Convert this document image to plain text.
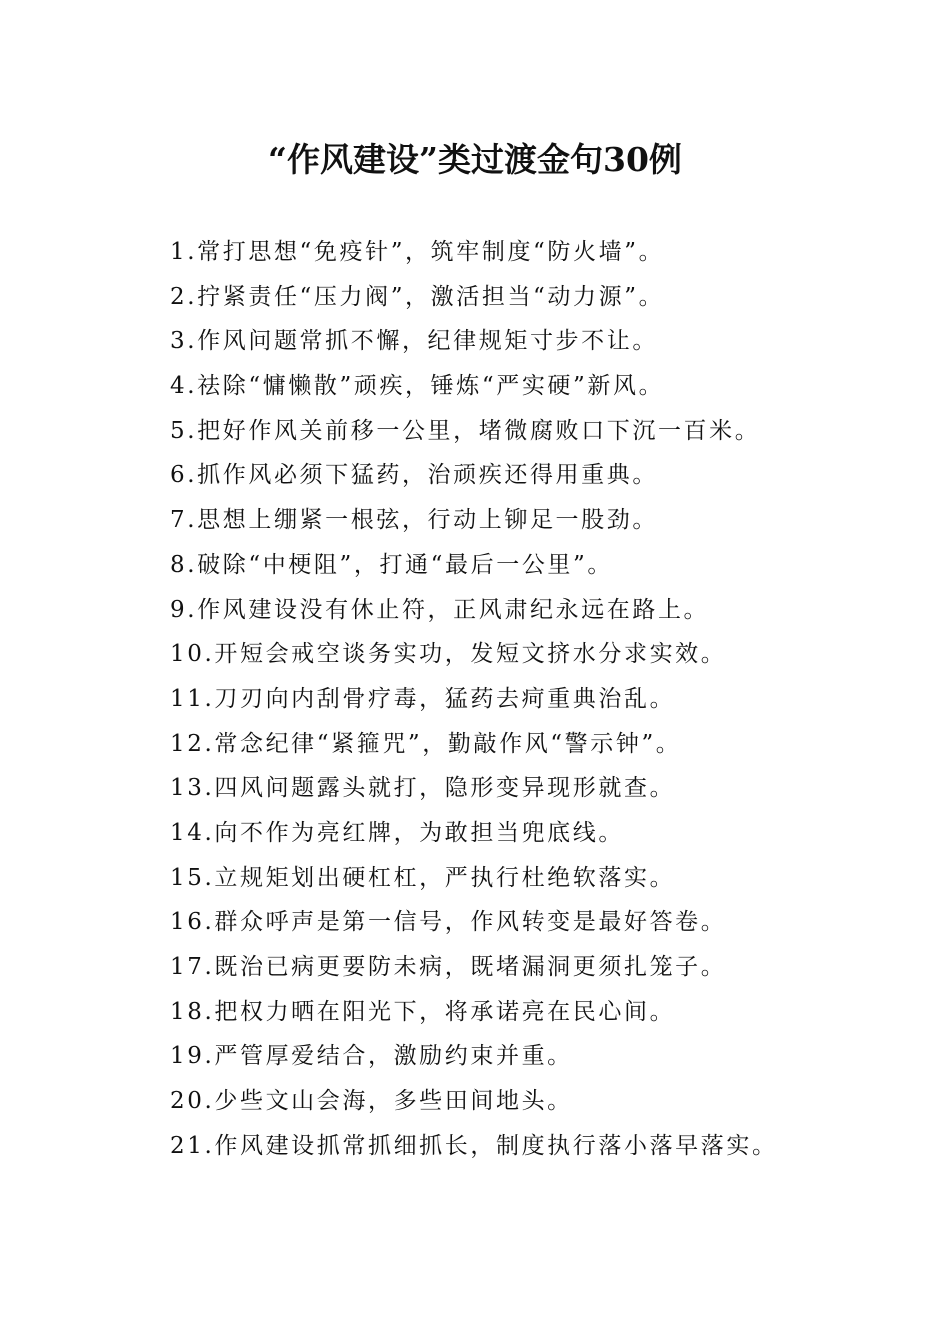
“作风建设”类过渡金句30例
1.常打思想“免疫针”，筑牢制度“防火墙”。
2.拧紧责任“压力阀”，激活担当“动力源”。
3.作风问题常抓不懈，纪律规矩寸步不让。
4.祛除“慵懒散”顽疾，锤炼“严实硬”新风。
5.把好作风关前移一公里，堵微腐败口下沉一百米。
6.抓作风必须下猛药，治顽疾还得用重典。
7.思想上绷紧一根弦，行动上铆足一股劲。
8.破除“中梗阻”，打通“最后一公里”。
9.作风建设没有休止符，正风肃纪永远在路上。
10.开短会戒空谈务实功，发短文挤水分求实效。
11.刀刃向内刮骨疗毒，猛药去疴重典治乱。
12.常念纪律“紧箍咒”，勤敲作风“警示钟”。
13.四风问题露头就打，隐形变异现形就查。
14.向不作为亮红牌，为敢担当兜底线。
15.立规矩划出硬杠杠，严执行杜绝软落实。
16.群众呼声是第一信号，作风转变是最好答卷。
17.既治已病更要防未病，既堵漏洞更须扎笼子。
18.把权力晒在阳光下，将承诺亮在民心间。
19.严管厚爱结合，激励约束并重。
20.少些文山会海，多些田间地头。
21.作风建设抓常抓细抓长，制度执行落小落早落实。
